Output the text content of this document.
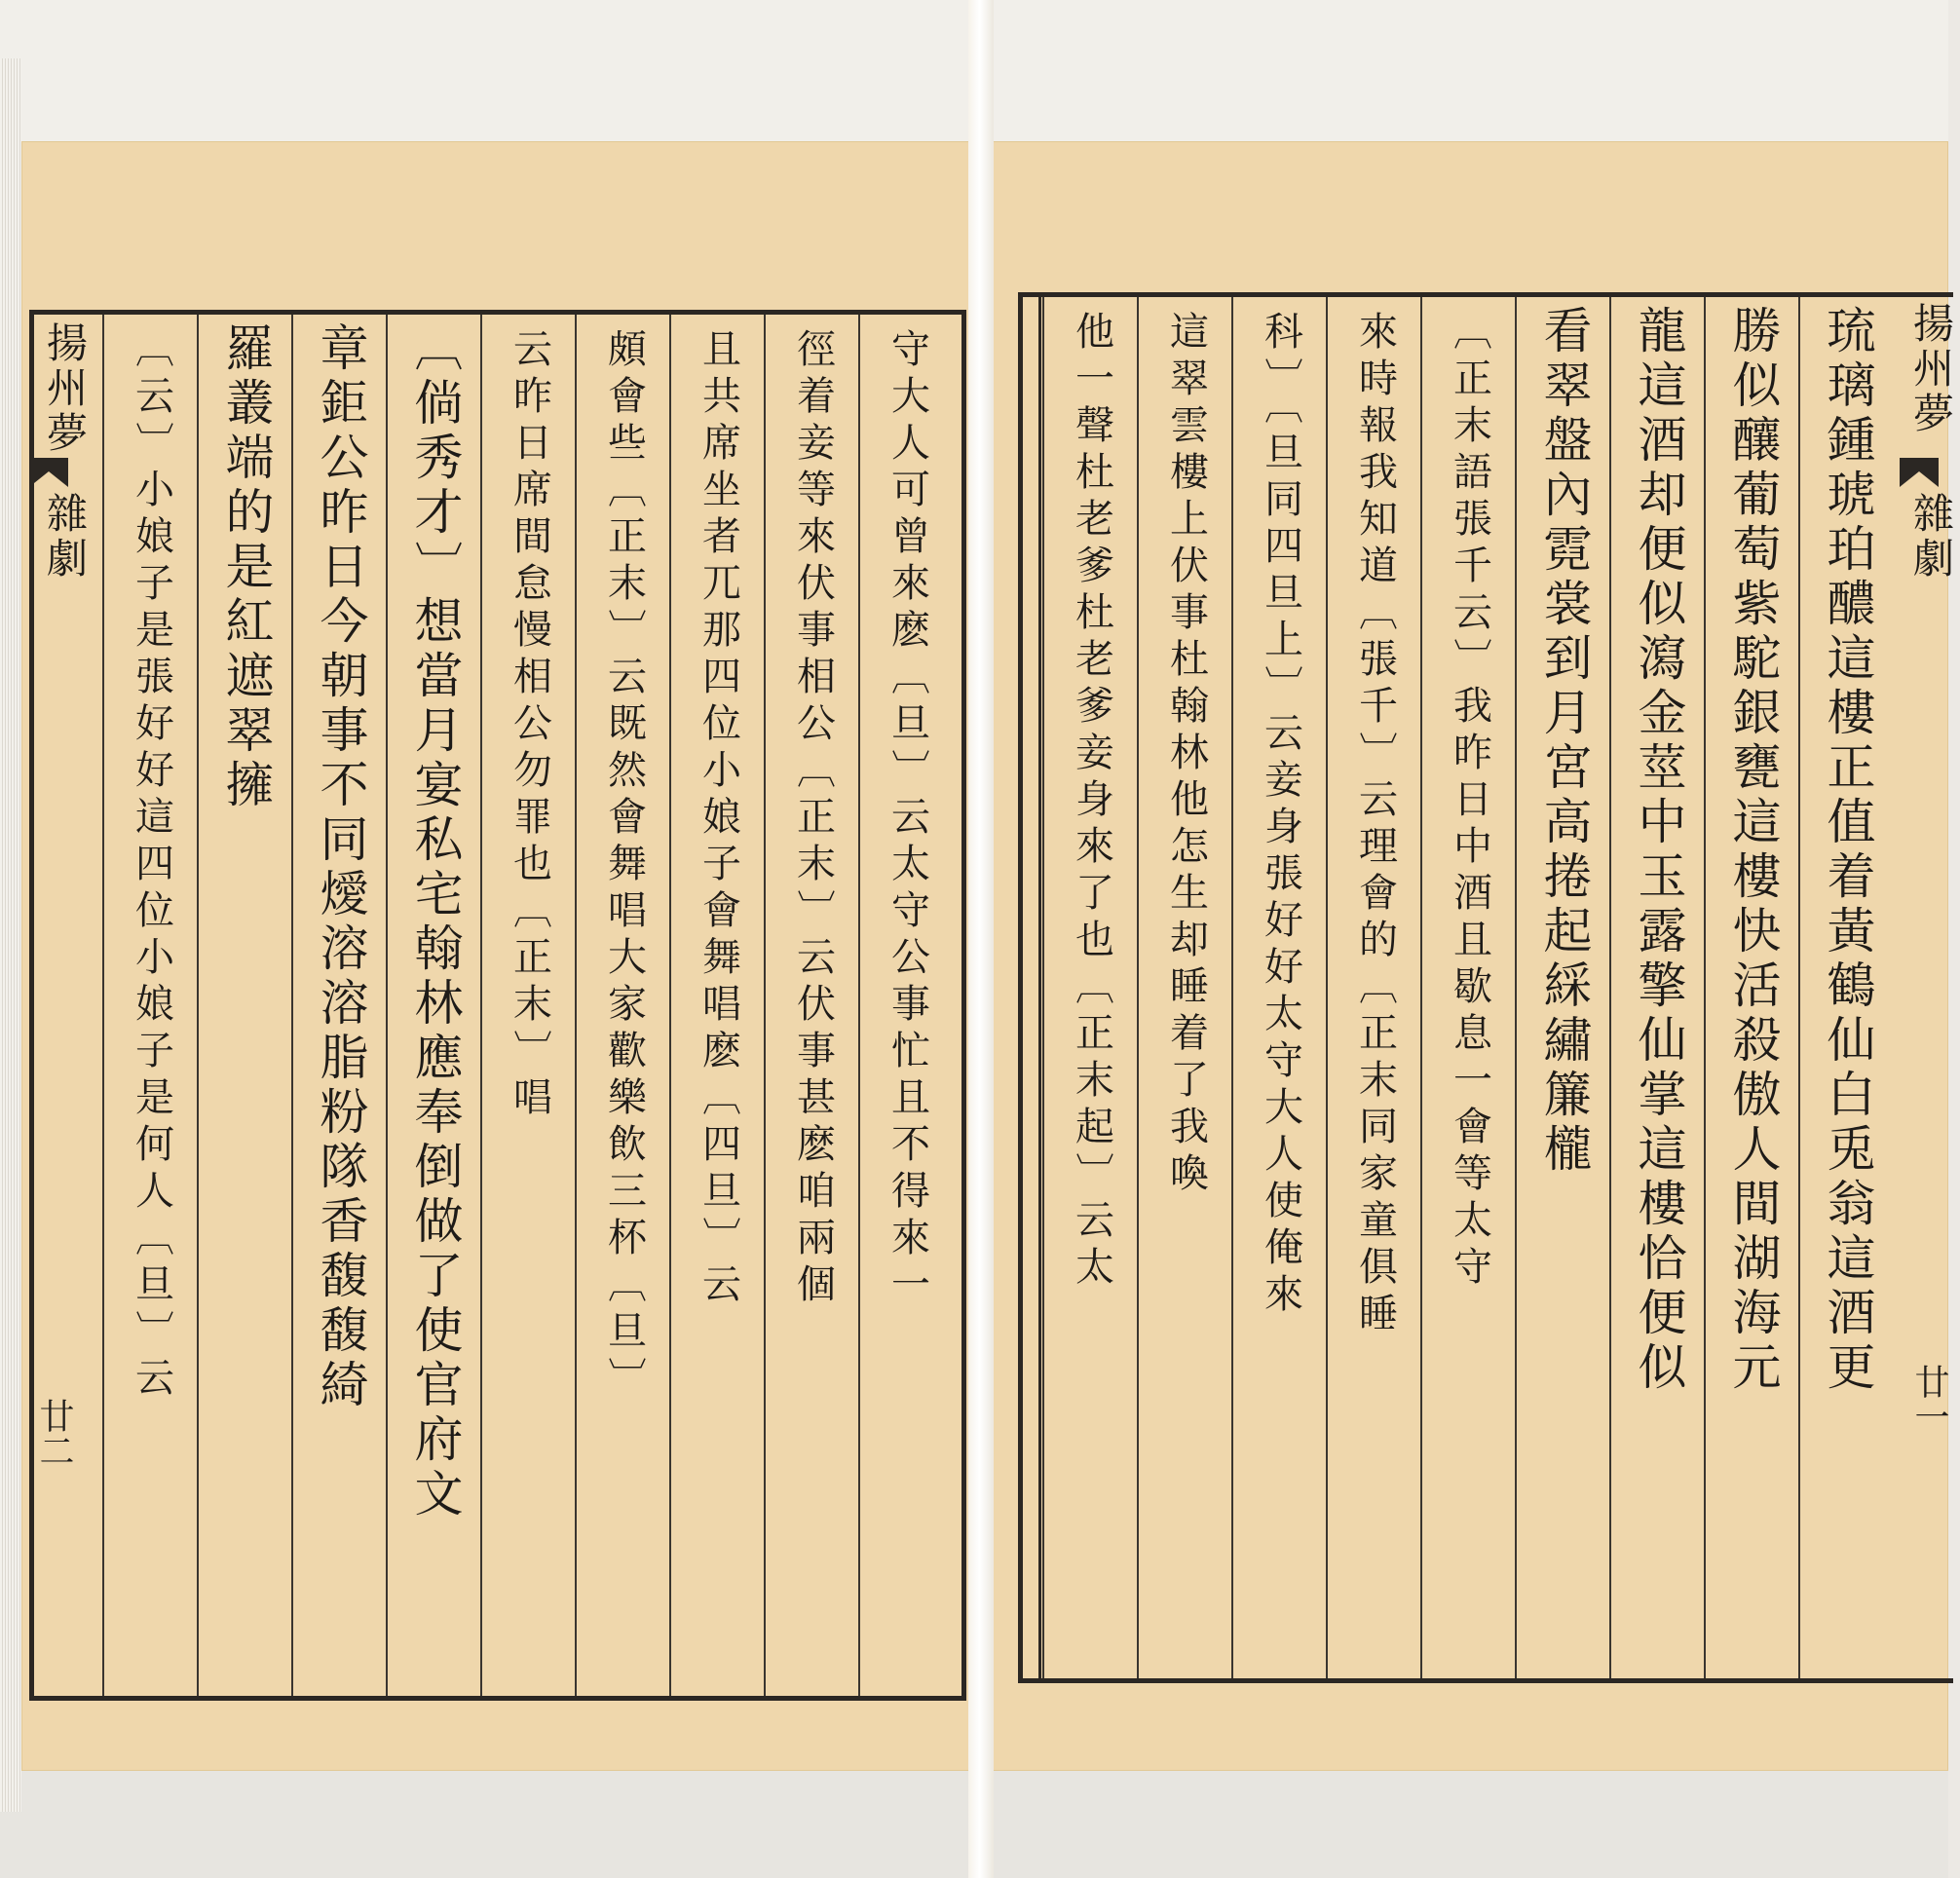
揚州夢
雜劇
廿二
守大人可曾來麽〔旦〕云太守公事忙且不得來一
徑着妾等來伏事相公〔正末〕云伏事甚麽咱兩個
且共席坐者兀那四位小娘子會舞唱麽〔四旦〕云
頗會些〔正末〕云既然會舞唱大家歡樂飲三杯〔旦〕
云昨日席間怠慢相公勿罪也〔正末〕唱
〔倘秀才〕想當月宴私宅翰林應奉倒做了使官府文
章鉅公昨日今朝事不同燰溶溶脂粉隊香馥馥綺
羅叢端的是紅遮翠擁
〔云〕小娘子是張好好這四位小娘子是何人〔旦〕云	琉璃鍾琥珀醲這樓正值着黃鶴仙白兎翁這酒更
勝似釀葡萄紫駝銀甕這樓快活殺傲人間湖海元
龍這酒却便似瀉金莖中玉露擎仙掌這樓恰便似
看翠盤內霓裳到月宮高捲起綵繡簾櫳
〔正末語張千云〕我昨日中酒且歇息一會等太守
來時報我知道〔張千〕云理會的〔正末同家童俱睡
科〕〔旦同四旦上〕云妾身張好好太守大人使俺來
這翠雲樓上伏事杜翰林他怎生却睡着了我喚
他一聲杜老爹杜老爹妾身來了也〔正末起〕云太	揚州夢
雜劇
廿一
